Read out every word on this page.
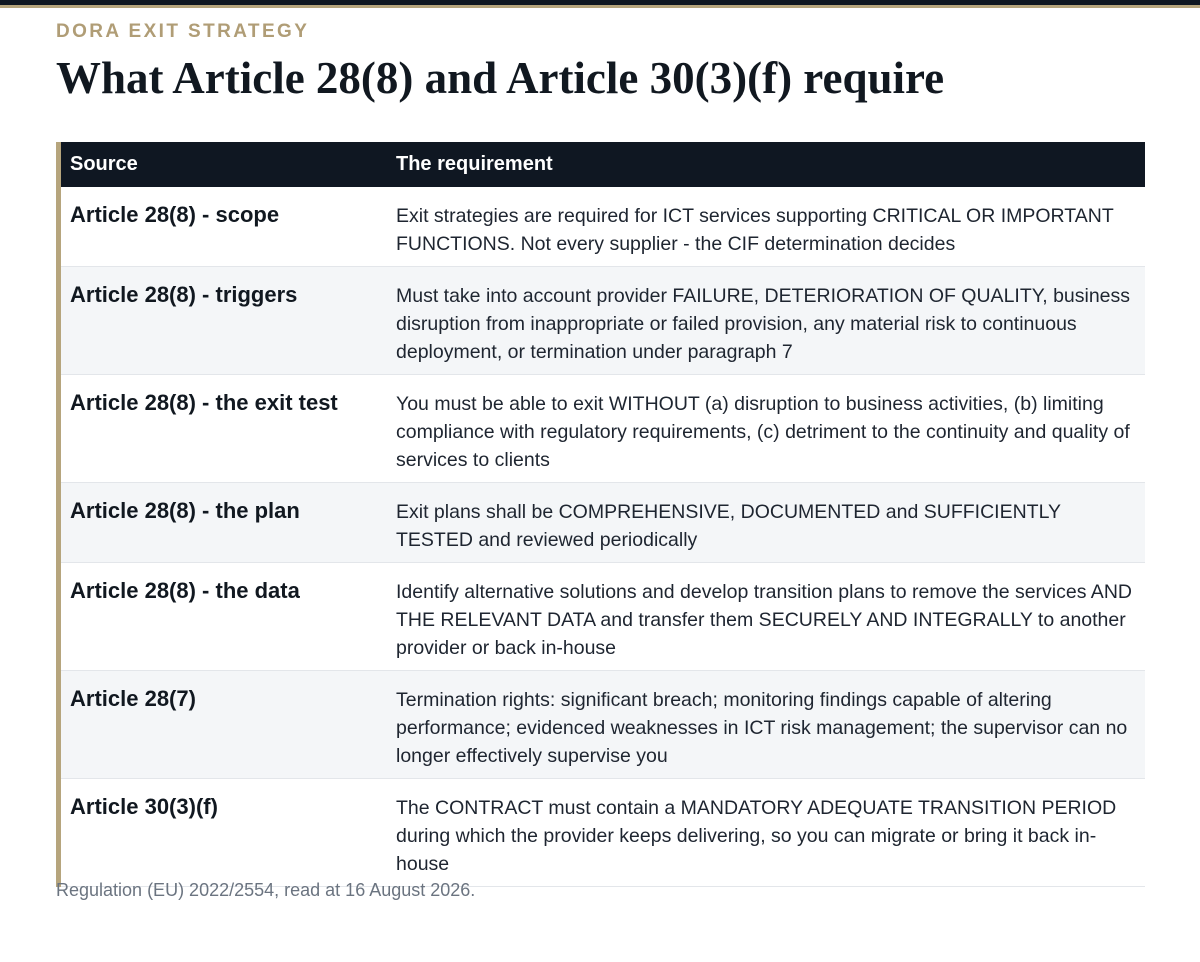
DORA EXIT STRATEGY
What Article 28(8) and Article 30(3)(f) require
Source	The requirement
Article 28(8) - scope	Exit strategies are required for ICT services supporting CRITICAL OR IMPORTANT FUNCTIONS. Not every supplier - the CIF determination decides
Article 28(8) - triggers	Must take into account provider FAILURE, DETERIORATION OF QUALITY, business disruption from inappropriate or failed provision, any material risk to continuous deployment, or termination under paragraph 7
Article 28(8) - the exit test	You must be able to exit WITHOUT (a) disruption to business activities, (b) limiting compliance with regulatory requirements, (c) detriment to the continuity and quality of services to clients
Article 28(8) - the plan	Exit plans shall be COMPREHENSIVE, DOCUMENTED and SUFFICIENTLY TESTED and reviewed periodically
Article 28(8) - the data	Identify alternative solutions and develop transition plans to remove the services AND THE RELEVANT DATA and transfer them SECURELY AND INTEGRALLY to another provider or back in-house
Article 28(7)	Termination rights: significant breach; monitoring findings capable of altering performance; evidenced weaknesses in ICT risk management; the supervisor can no longer effectively supervise you
Article 30(3)(f)	The CONTRACT must contain a MANDATORY ADEQUATE TRANSITION PERIOD during which the provider keeps delivering, so you can migrate or bring it back in-house
Regulation (EU) 2022/2554, read at 16 August 2026.
